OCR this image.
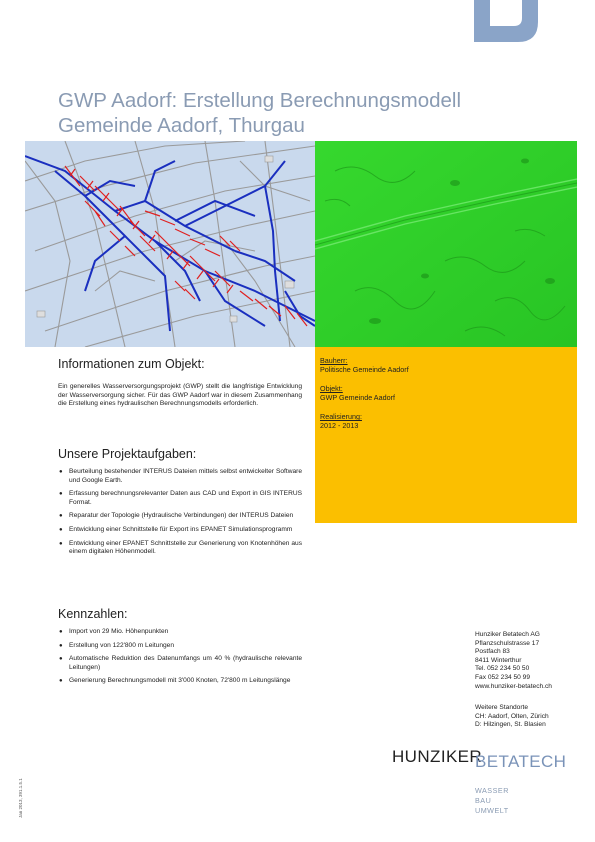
GWP Aadorf: Erstellung Berechnungsmodell
Gemeinde Aadorf, Thurgau
Bauherr:
Politische Gemeinde Aadorf
Objekt:
GWP Gemeinde Aadorf
Realisierung:
2012 - 2013
Informationen zum Objekt:

Ein generelles Wasserversorgungsprojekt (GWP) stellt die langfristige Entwicklung der Wasserversorgung sicher. Für das GWP Aadorf war in diesem Zusammenhang die Erstellung eines hydraulischen Berechnungsmodells erforderlich.

Unsere Projektaufgaben:
● Beurteilung bestehender INTERUS Dateien mittels selbst entwickelter Software und Google Earth.
● Erfassung berechnungsrelevanter Daten aus CAD und Export in GIS INTERUS Format.
● Reparatur der Topologie (Hydraulische Verbindungen) der INTERUS Dateien
● Entwicklung einer Schnittstelle für Export ins EPANET Simulationsprogramm
● Entwicklung einer EPANET Schnittstelle zur Generierung von Knotenhöhen aus einem digitalen Höhenmodell.
Kennzahlen:
● Import von 29 Mio. Höhenpunkten
● Erstellung von 122'800 m Leitungen
● Automatische Reduktion des Datenumfangs um 40 % (hydraulische relevante Leitungen)
● Generierung Berechnungsmodell mit 3'000 Knoten, 72'800 m Leitungslänge
Hunziker Betatech AG
Pflanzschulstrasse 17
Postfach 83
8411 Winterthur
Tel. 052 234 50 50
Fax 052 234 50 99
www.hunziker-betatech.ch
Weitere Standorte
CH: Aadorf, Olten, Zürich
D: Hilzingen, St. Blasien
HUNZIKER
BETATECH
WASSER
BAU
UMWELT
Jan 2013, 391.1.5.1
